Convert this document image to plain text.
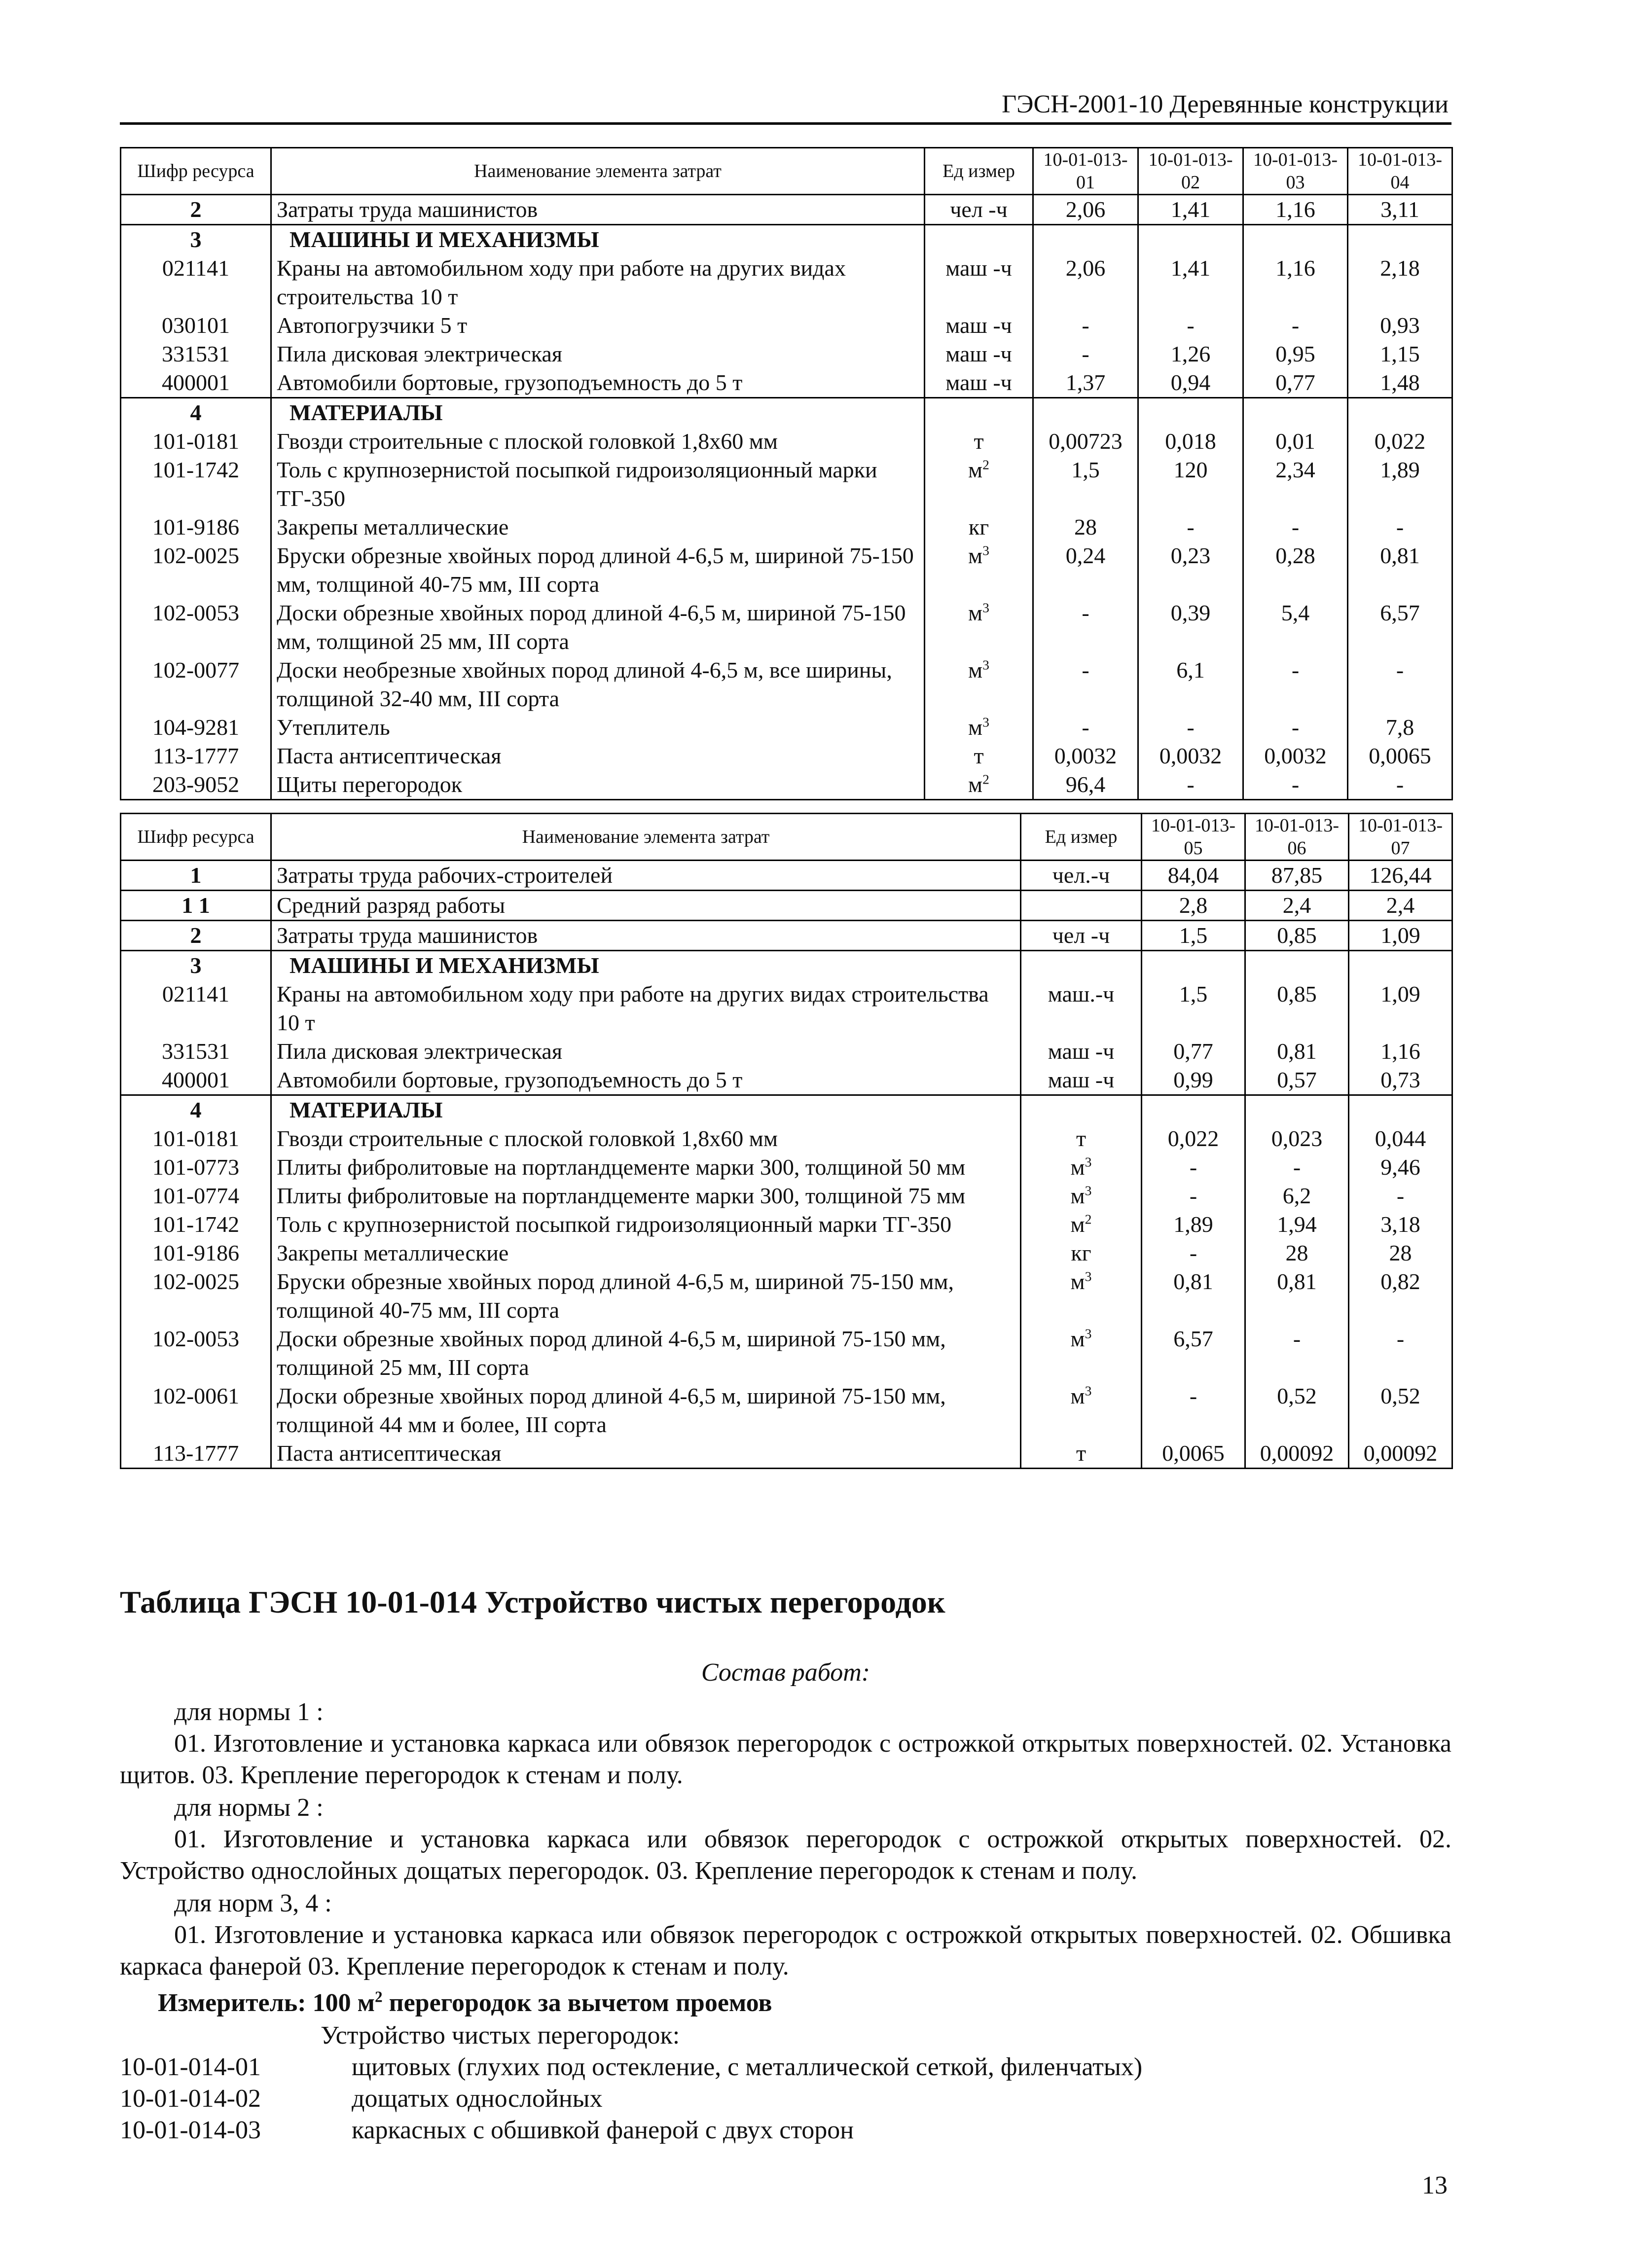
ГЭСН-2001-10 Деревянные конструкции
Шифр ресурса	Наименование элемента затрат	Ед измер	10-01-013-01	10-01-013-02	10-01-013-03	10-01-013-04
2	Затраты труда машинистов	чел -ч	2,06	1,41	1,16	3,11
3	МАШИНЫ И МЕХАНИЗМЫ					
021141	Краны на автомобильном ходу при работе на других видах строительства 10 т	маш -ч	2,06	1,41	1,16	2,18
030101	Автопогрузчики 5 т	маш -ч	-	-	-	0,93
331531	Пила дисковая электрическая	маш -ч	-	1,26	0,95	1,15
400001	Автомобили бортовые, грузоподъемность до 5 т	маш -ч	1,37	0,94	0,77	1,48
4	МАТЕРИАЛЫ					
101-0181	Гвозди строительные с плоской головкой 1,8х60 мм	т	0,00723	0,018	0,01	0,022
101-1742	Толь с крупнозернистой посыпкой гидроизоляционный марки ТГ-350	$м^2$	1,5	120	2,34	1,89
101-9186	Закрепы металлические	кг	28	-	-	-
102-0025	Бруски обрезные хвойных пород длиной 4-6,5 м, шириной 75-150 мм, толщиной 40-75 мм, III сорта	$м^3$	0,24	0,23	0,28	0,81
102-0053	Доски обрезные хвойных пород длиной 4-6,5 м, шириной 75-150 мм, толщиной 25 мм, III сорта	$м^3$	-	0,39	5,4	6,57
102-0077	Доски необрезные хвойных пород длиной 4-6,5 м, все ширины, толщиной 32-40 мм, III сорта	$м^3$	-	6,1	-	-
104-9281	Утеплитель	$м^3$	-	-	-	7,8
113-1777	Паста антисептическая	т	0,0032	0,0032	0,0032	0,0065
203-9052	Щиты перегородок	$м^2$	96,4	-	-	-
Шифр ресурса	Наименование элемента затрат	Ед измер	10-01-013-05	10-01-013-06	10-01-013-07
1	Затраты труда рабочих-строителей	чел.-ч	84,04	87,85	126,44
1 1	Средний разряд работы		2,8	2,4	2,4
2	Затраты труда машинистов	чел -ч	1,5	0,85	1,09
3	МАШИНЫ И МЕХАНИЗМЫ				
021141	Краны на автомобильном ходу при работе на других видах строительства 10 т	маш.-ч	1,5	0,85	1,09
331531	Пила дисковая электрическая	маш -ч	0,77	0,81	1,16
400001	Автомобили бортовые, грузоподъемность до 5 т	маш -ч	0,99	0,57	0,73
4	МАТЕРИАЛЫ				
101-0181	Гвозди строительные с плоской головкой 1,8х60 мм	т	0,022	0,023	0,044
101-0773	Плиты фибролитовые на портландцементе марки 300, толщиной 50 мм	$м^3$	-	-	9,46
101-0774	Плиты фибролитовые на портландцементе марки 300, толщиной 75 мм	$м^3$	-	6,2	-
101-1742	Толь с крупнозернистой посыпкой гидроизоляционный марки ТГ-350	$м^2$	1,89	1,94	3,18
101-9186	Закрепы металлические	кг	-	28	28
102-0025	Бруски обрезные хвойных пород длиной 4-6,5 м, шириной 75-150 мм, толщиной 40-75 мм, III сорта	$м^3$	0,81	0,81	0,82
102-0053	Доски обрезные хвойных пород длиной 4-6,5 м, шириной 75-150 мм, толщиной 25 мм, III сорта	$м^3$	6,57	-	-
102-0061	Доски обрезные хвойных пород длиной 4-6,5 м, шириной 75-150 мм, толщиной 44 мм и более, III сорта	$м^3$	-	0,52	0,52
113-1777	Паста антисептическая	т	0,0065	0,00092	0,00092
Таблица ГЭСН 10-01-014 Устройство чистых перегородок
Состав работ:
для нормы 1 :
01. Изготовление и установка каркаса или обвязок перегородок с острожкой открытых поверхностей. 02. Установка щитов. 03. Крепление перегородок к стенам и полу.
для нормы 2 :
01. Изготовление и установка каркаса или обвязок перегородок с острожкой открытых поверхностей. 02. Устройство однослойных дощатых перегородок. 03. Крепление перегородок к стенам и полу.
для норм 3, 4 :
01. Изготовление и установка каркаса или обвязок перегородок с острожкой открытых поверхностей. 02. Обшивка каркаса фанерой 03. Крепление перегородок к стенам и полу.
Измеритель: 100 $м^2$ перегородок за вычетом проемов
Устройство чистых перегородок:
10-01-014-01	щитовых (глухих под остекление, с металлической сеткой, филенчатых)
10-01-014-02	дощатых однослойных
10-01-014-03	каркасных с обшивкой фанерой с двух сторон
13
